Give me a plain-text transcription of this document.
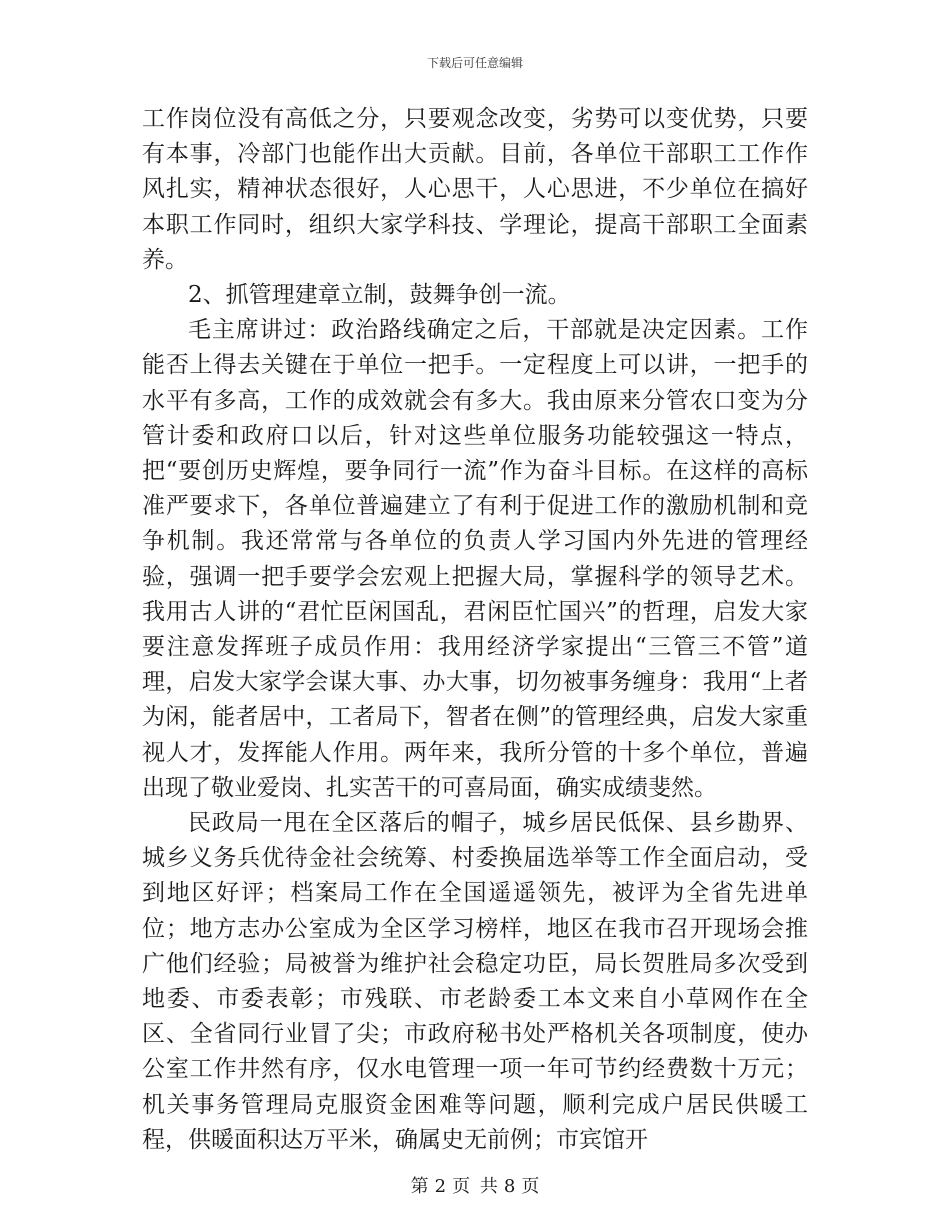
下载后可任意编辑

工作岗位没有高低之分，只要观念改变，劣势可以变优势，只要有本事，冷部门也能作出大贡献。目前，各单位干部职工工作作风扎实，精神状态很好，人心思干，人心思进，不少单位在搞好本职工作同时，组织大家学科技、学理论，提高干部职工全面素养。

2、抓管理建章立制，鼓舞争创一流。

毛主席讲过：政治路线确定之后，干部就是决定因素。工作能否上得去关键在于单位一把手。一定程度上可以讲，一把手的水平有多高，工作的成效就会有多大。我由原来分管农口变为分管计委和政府口以后，针对这些单位服务功能较强这一特点，把“要创历史辉煌，要争同行一流”作为奋斗目标。在这样的高标准严要求下，各单位普遍建立了有利于促进工作的激励机制和竞争机制。我还常常与各单位的负责人学习国内外先进的管理经验，强调一把手要学会宏观上把握大局，掌握科学的领导艺术。我用古人讲的“君忙臣闲国乱，君闲臣忙国兴”的哲理，启发大家要注意发挥班子成员作用：我用经济学家提出“三管三不管”道理，启发大家学会谋大事、办大事，切勿被事务缠身：我用“上者为闲，能者居中，工者局下，智者在侧”的管理经典，启发大家重视人才，发挥能人作用。两年来，我所分管的十多个单位，普遍出现了敬业爱岗、扎实苦干的可喜局面，确实成绩斐然。

民政局一甩在全区落后的帽子，城乡居民低保、县乡勘界、城乡义务兵优待金社会统筹、村委换届选举等工作全面启动，受到地区好评；档案局工作在全国遥遥领先，被评为全省先进单位；地方志办公室成为全区学习榜样，地区在我市召开现场会推广他们经验；局被誉为维护社会稳定功臣，局长贺胜局多次受到地委、市委表彰；市残联、市老龄委工本文来自小草网作在全区、全省同行业冒了尖；市政府秘书处严格机关各项制度，使办公室工作井然有序，仅水电管理一项一年可节约经费数十万元；机关事务管理局克服资金困难等问题，顺利完成户居民供暖工程，供暖面积达万平米，确属史无前例；市宾馆开

第 2 页 共 8 页
